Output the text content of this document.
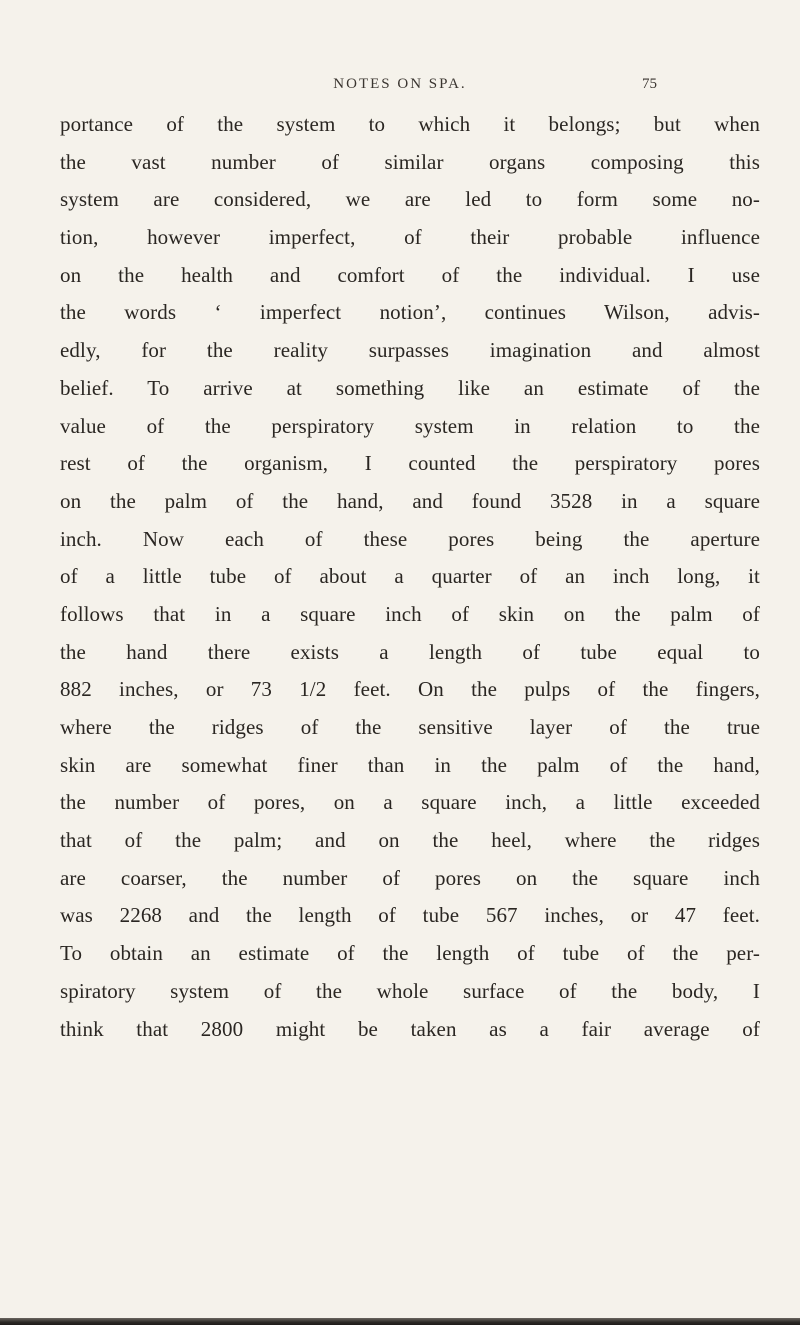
NOTES ON SPA.	75
portance of the system to which it belongs; but when
the vast number of similar organs composing this
system are considered, we are led to form some no-
tion, however imperfect, of their probable influence
on the health and comfort of the individual. I use
the words ‘ imperfect notion’, continues Wilson, advis-
edly, for the reality surpasses imagination and almost
belief. To arrive at something like an estimate of the
value of the perspiratory system in relation to the
rest of the organism, I counted the perspiratory pores
on the palm of the hand, and found 3528 in a square
inch. Now each of these pores being the aperture
of a little tube of about a quarter of an inch long, it
follows that in a square inch of skin on the palm of
the hand there exists a length of tube equal to
882 inches, or 73 1/2 feet. On the pulps of the fingers,
where the ridges of the sensitive layer of the true
skin are somewhat finer than in the palm of the hand,
the number of pores, on a square inch, a little exceeded
that of the palm; and on the heel, where the ridges
are coarser, the number of pores on the square inch
was 2268 and the length of tube 567 inches, or 47 feet.
To obtain an estimate of the length of tube of the per-
spiratory system of the whole surface of the body, I
think that 2800 might be taken as a fair average of
